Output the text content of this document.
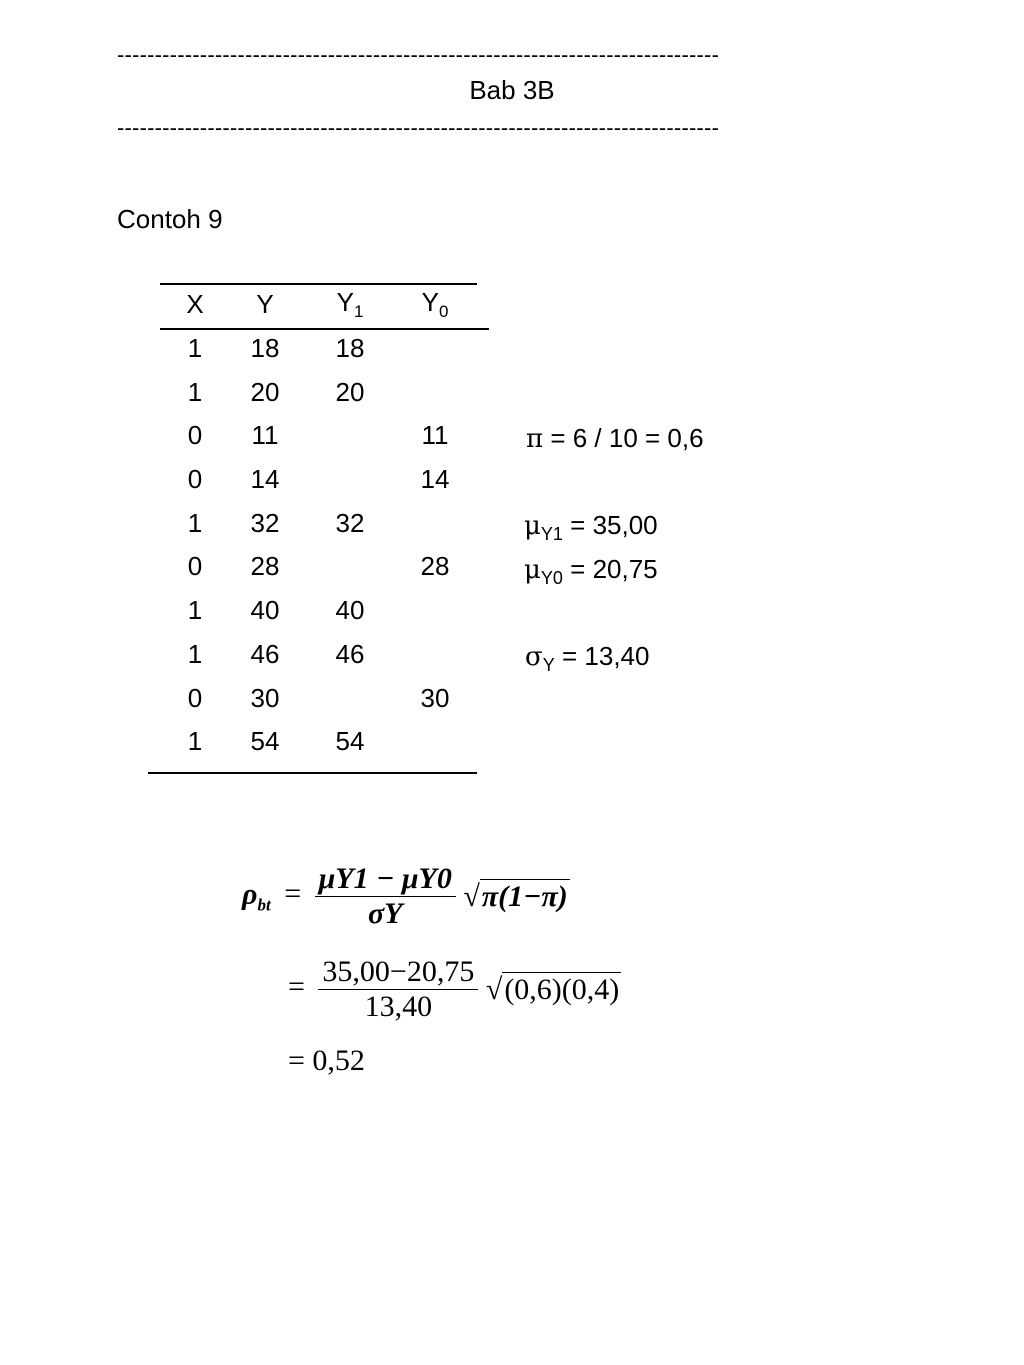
--------------------------------------------------------------------------------
Bab 3B
--------------------------------------------------------------------------------
Contoh 9
X	Y	$Y_1$	$Y_0$
1	18	18	
1	20	20	
0	11		11
0	14		14
1	32	32	
0	28		28
1	40	40	
1	46	46	
0	30		30
1	54	54	
π = 6 / 10 = 0,6
$\mu_{Y1} = 35,00$
$\mu_{Y0} = 20,75$
$\sigma_Y = 13,40$
$\rho_{bt} = \frac{\mu Y1 - \mu Y0}{\sigma Y} √\pi(1-\pi)$
= $\frac{35,00-20,75}{13,40} √(0,6)(0,4)$
= 0,52
